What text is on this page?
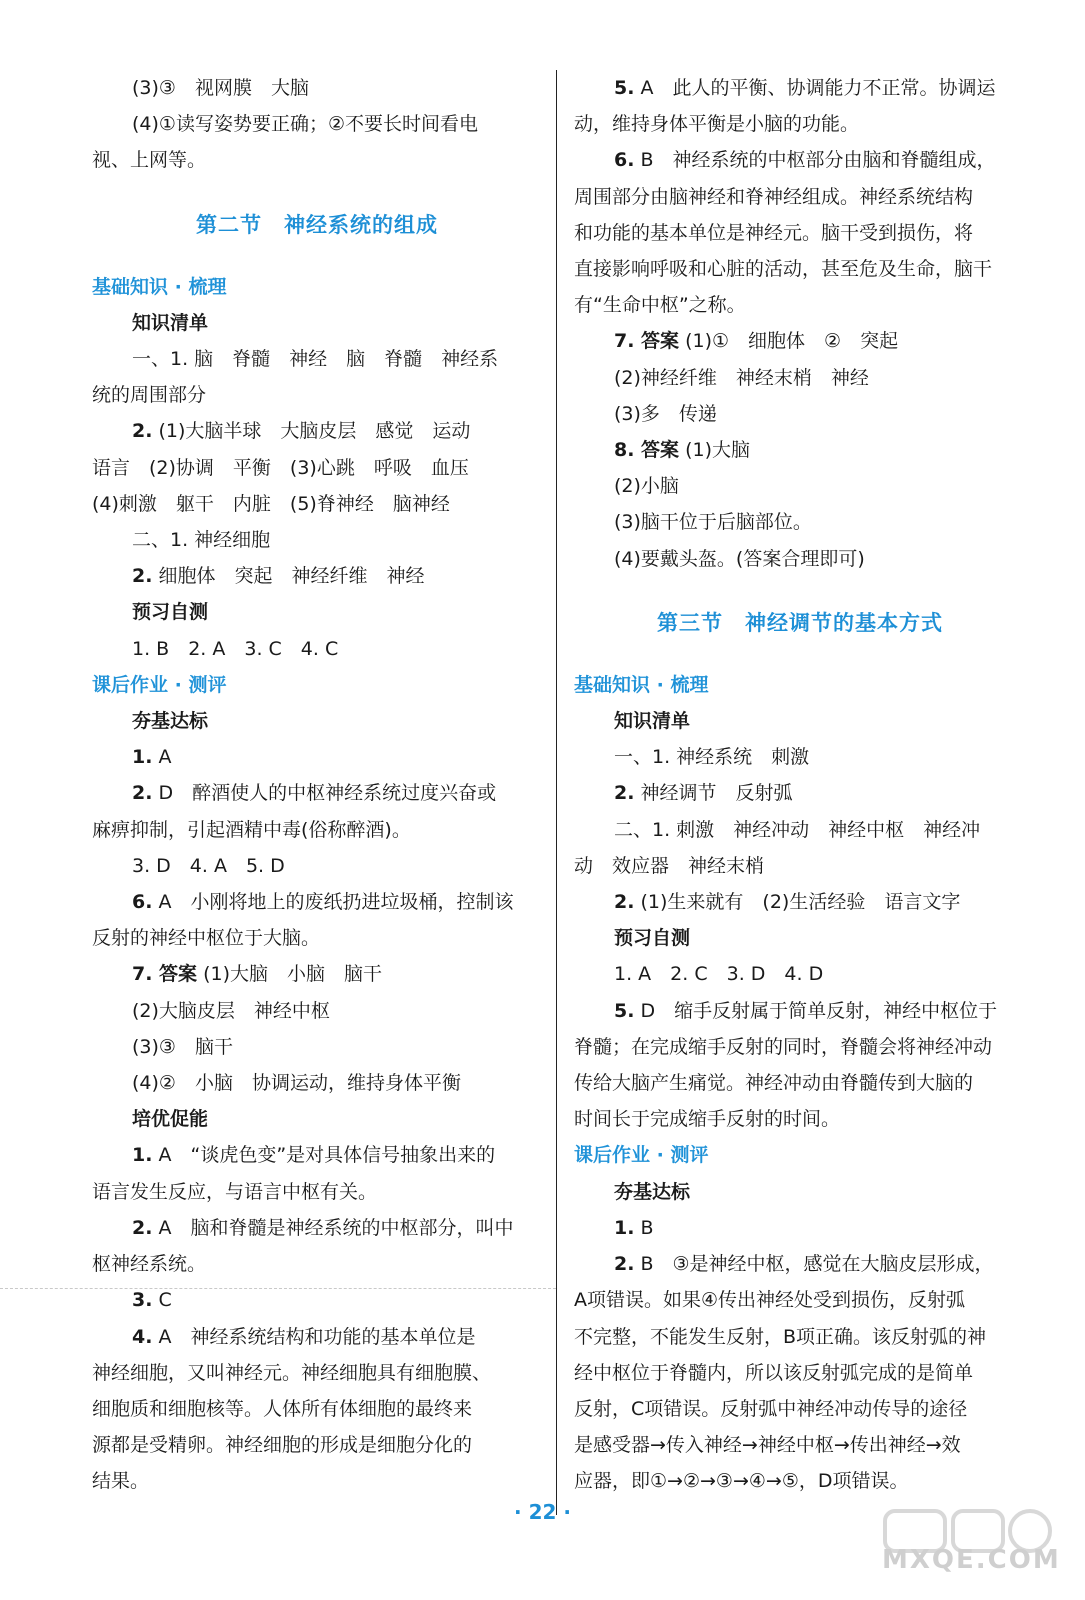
(3)③　视网膜　大脑

(4)①读写姿势要正确；②不要长时间看电

视、上网等。

第二节　神经系统的组成

基础知识 · 梳理

知识清单

一、1. 脑　脊髓　神经　脑　脊髓　神经系

统的周围部分

2. (1)大脑半球　大脑皮层　感觉　运动

语言　(2)协调　平衡　(3)心跳　呼吸　血压

(4)刺激　躯干　内脏　(5)脊神经　脑神经

二、1. 神经细胞

2. 细胞体　突起　神经纤维　神经

预习自测

1. B　2. A　3. C　4. C

课后作业 · 测评

夯基达标

1. A

2. D　醉酒使人的中枢神经系统过度兴奋或

麻痹抑制，引起酒精中毒(俗称醉酒)。

3. D　4. A　5. D

6. A　小刚将地上的废纸扔进垃圾桶，控制该

反射的神经中枢位于大脑。

7. 答案 (1)大脑　小脑　脑干

(2)大脑皮层　神经中枢

(3)③　脑干

(4)②　小脑　协调运动，维持身体平衡

培优促能

1. A　“谈虎色变”是对具体信号抽象出来的

语言发生反应，与语言中枢有关。

2. A　脑和脊髓是神经系统的中枢部分，叫中

枢神经系统。

3. C

4. A　神经系统结构和功能的基本单位是

神经细胞，又叫神经元。神经细胞具有细胞膜、

细胞质和细胞核等。人体所有体细胞的最终来

源都是受精卵。神经细胞的形成是细胞分化的

结果。

5. A　此人的平衡、协调能力不正常。协调运

动，维持身体平衡是小脑的功能。

6. B　神经系统的中枢部分由脑和脊髓组成，

周围部分由脑神经和脊神经组成。神经系统结构

和功能的基本单位是神经元。脑干受到损伤，将

直接影响呼吸和心脏的活动，甚至危及生命，脑干

有“生命中枢”之称。

7. 答案 (1)①　细胞体　②　突起

(2)神经纤维　神经末梢　神经

(3)多　传递

8. 答案 (1)大脑

(2)小脑

(3)脑干位于后脑部位。

(4)要戴头盔。(答案合理即可)

第三节　神经调节的基本方式

基础知识 · 梳理

知识清单

一、1. 神经系统　刺激

2. 神经调节　反射弧

二、1. 刺激　神经冲动　神经中枢　神经冲

动　效应器　神经末梢

2. (1)生来就有　(2)生活经验　语言文字

预习自测

1. A　2. C　3. D　4. D

5. D　缩手反射属于简单反射，神经中枢位于

脊髓；在完成缩手反射的同时，脊髓会将神经冲动

传给大脑产生痛觉。神经冲动由脊髓传到大脑的

时间长于完成缩手反射的时间。

课后作业 · 测评

夯基达标

1. B

2. B　③是神经中枢，感觉在大脑皮层形成，

A项错误。如果④传出神经处受到损伤，反射弧

不完整，不能发生反射，B项正确。该反射弧的神

经中枢位于脊髓内，所以该反射弧完成的是简单

反射，C项错误。反射弧中神经冲动传导的途径

是感受器→传入神经→神经中枢→传出神经→效

应器，即①→②→③→④→⑤，D项错误。

· 22 ·
MXQE.COM
